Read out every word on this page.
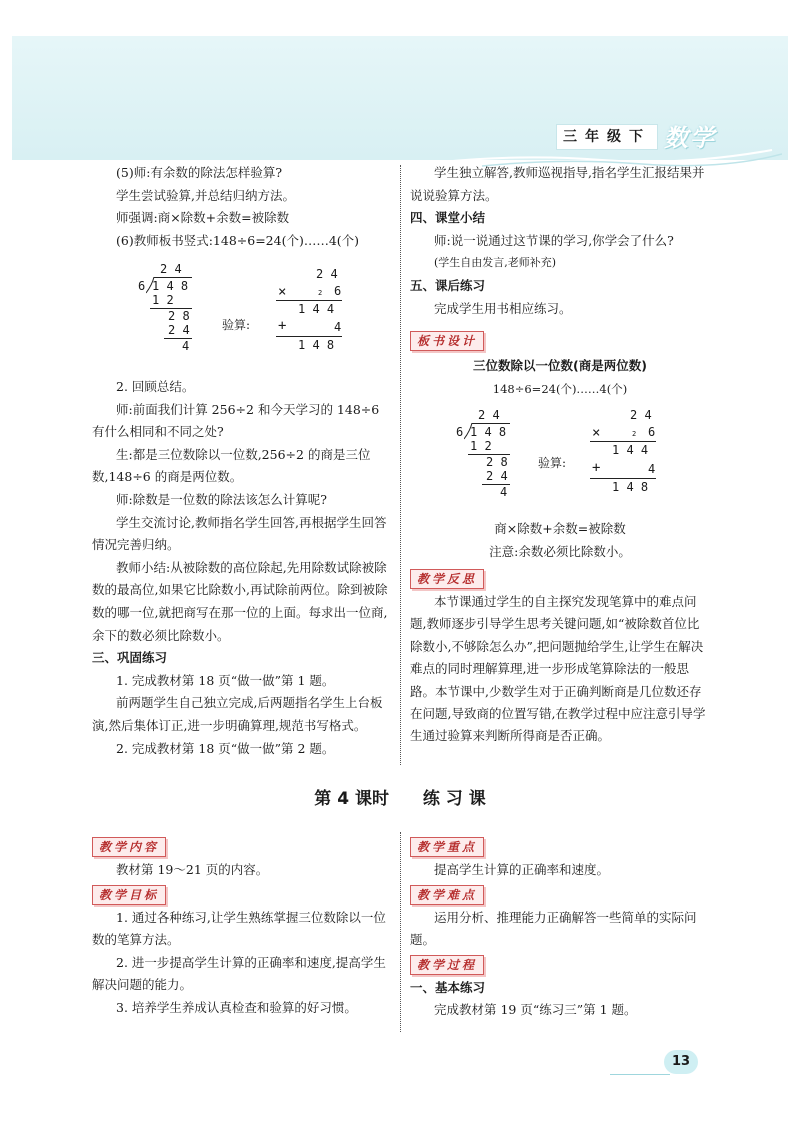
三年级下 数学

(5)师:有余数的除法怎样验算?

学生尝试验算,并总结归纳方法。

师强调:商×除数+余数=被除数

(6)教师板书竖式:148÷6=24(个)……4(个)

2 4
6 1 4 8
1 2
2 8
2 4
4
验算:
2 4
×	2 6
1 4 4
+	4
1 4 8

2. 回顾总结。

师:前面我们计算 256÷2 和今天学习的 148÷6 有什么相同和不同之处?

生:都是三位数除以一位数,256÷2 的商是三位数,148÷6 的商是两位数。

师:除数是一位数的除法该怎么计算呢?

学生交流讨论,教师指名学生回答,再根据学生回答情况完善归纳。

教师小结:从被除数的高位除起,先用除数试除被除数的最高位,如果它比除数小,再试除前两位。除到被除数的哪一位,就把商写在那一位的上面。每求出一位商,余下的数必须比除数小。

三、巩固练习

1. 完成教材第 18 页“做一做”第 1 题。

前两题学生自己独立完成,后两题指名学生上台板演,然后集体订正,进一步明确算理,规范书写格式。

2. 完成教材第 18 页“做一做”第 2 题。

学生独立解答,教师巡视指导,指名学生汇报结果并说说验算方法。

四、课堂小结

师:说一说通过这节课的学习,你学会了什么?

(学生自由发言,老师补充)

五、课后练习

完成学生用书相应练习。

板书设计

三位数除以一位数(商是两位数)

148÷6=24(个)……4(个)

2 4
6 1 4 8
1 2
2 8
2 4
4
验算:
2 4
×	2 6
1 4 4
+	4
1 4 8

商×除数+余数=被除数

注意:余数必须比除数小。

教学反思

本节课通过学生的自主探究发现笔算中的难点问题,教师逐步引导学生思考关键问题,如“被除数首位比除数小,不够除怎么办”,把问题抛给学生,让学生在解决难点的同时理解算理,进一步形成笔算除法的一般思路。本节课中,少数学生对于正确判断商是几位数还存在问题,导致商的位置写错,在教学过程中应注意引导学生通过验算来判断所得商是否正确。

第 4 课时 练 习 课
教学内容

教材第 19～21 页的内容。

教学目标

1. 通过各种练习,让学生熟练掌握三位数除以一位数的笔算方法。

2. 进一步提高学生计算的正确率和速度,提高学生解决问题的能力。

3. 培养学生养成认真检查和验算的好习惯。

教学重点

提高学生计算的正确率和速度。

教学难点

运用分析、推理能力正确解答一些简单的实际问题。

教学过程

一、基本练习

完成教材第 19 页“练习三”第 1 题。

13
